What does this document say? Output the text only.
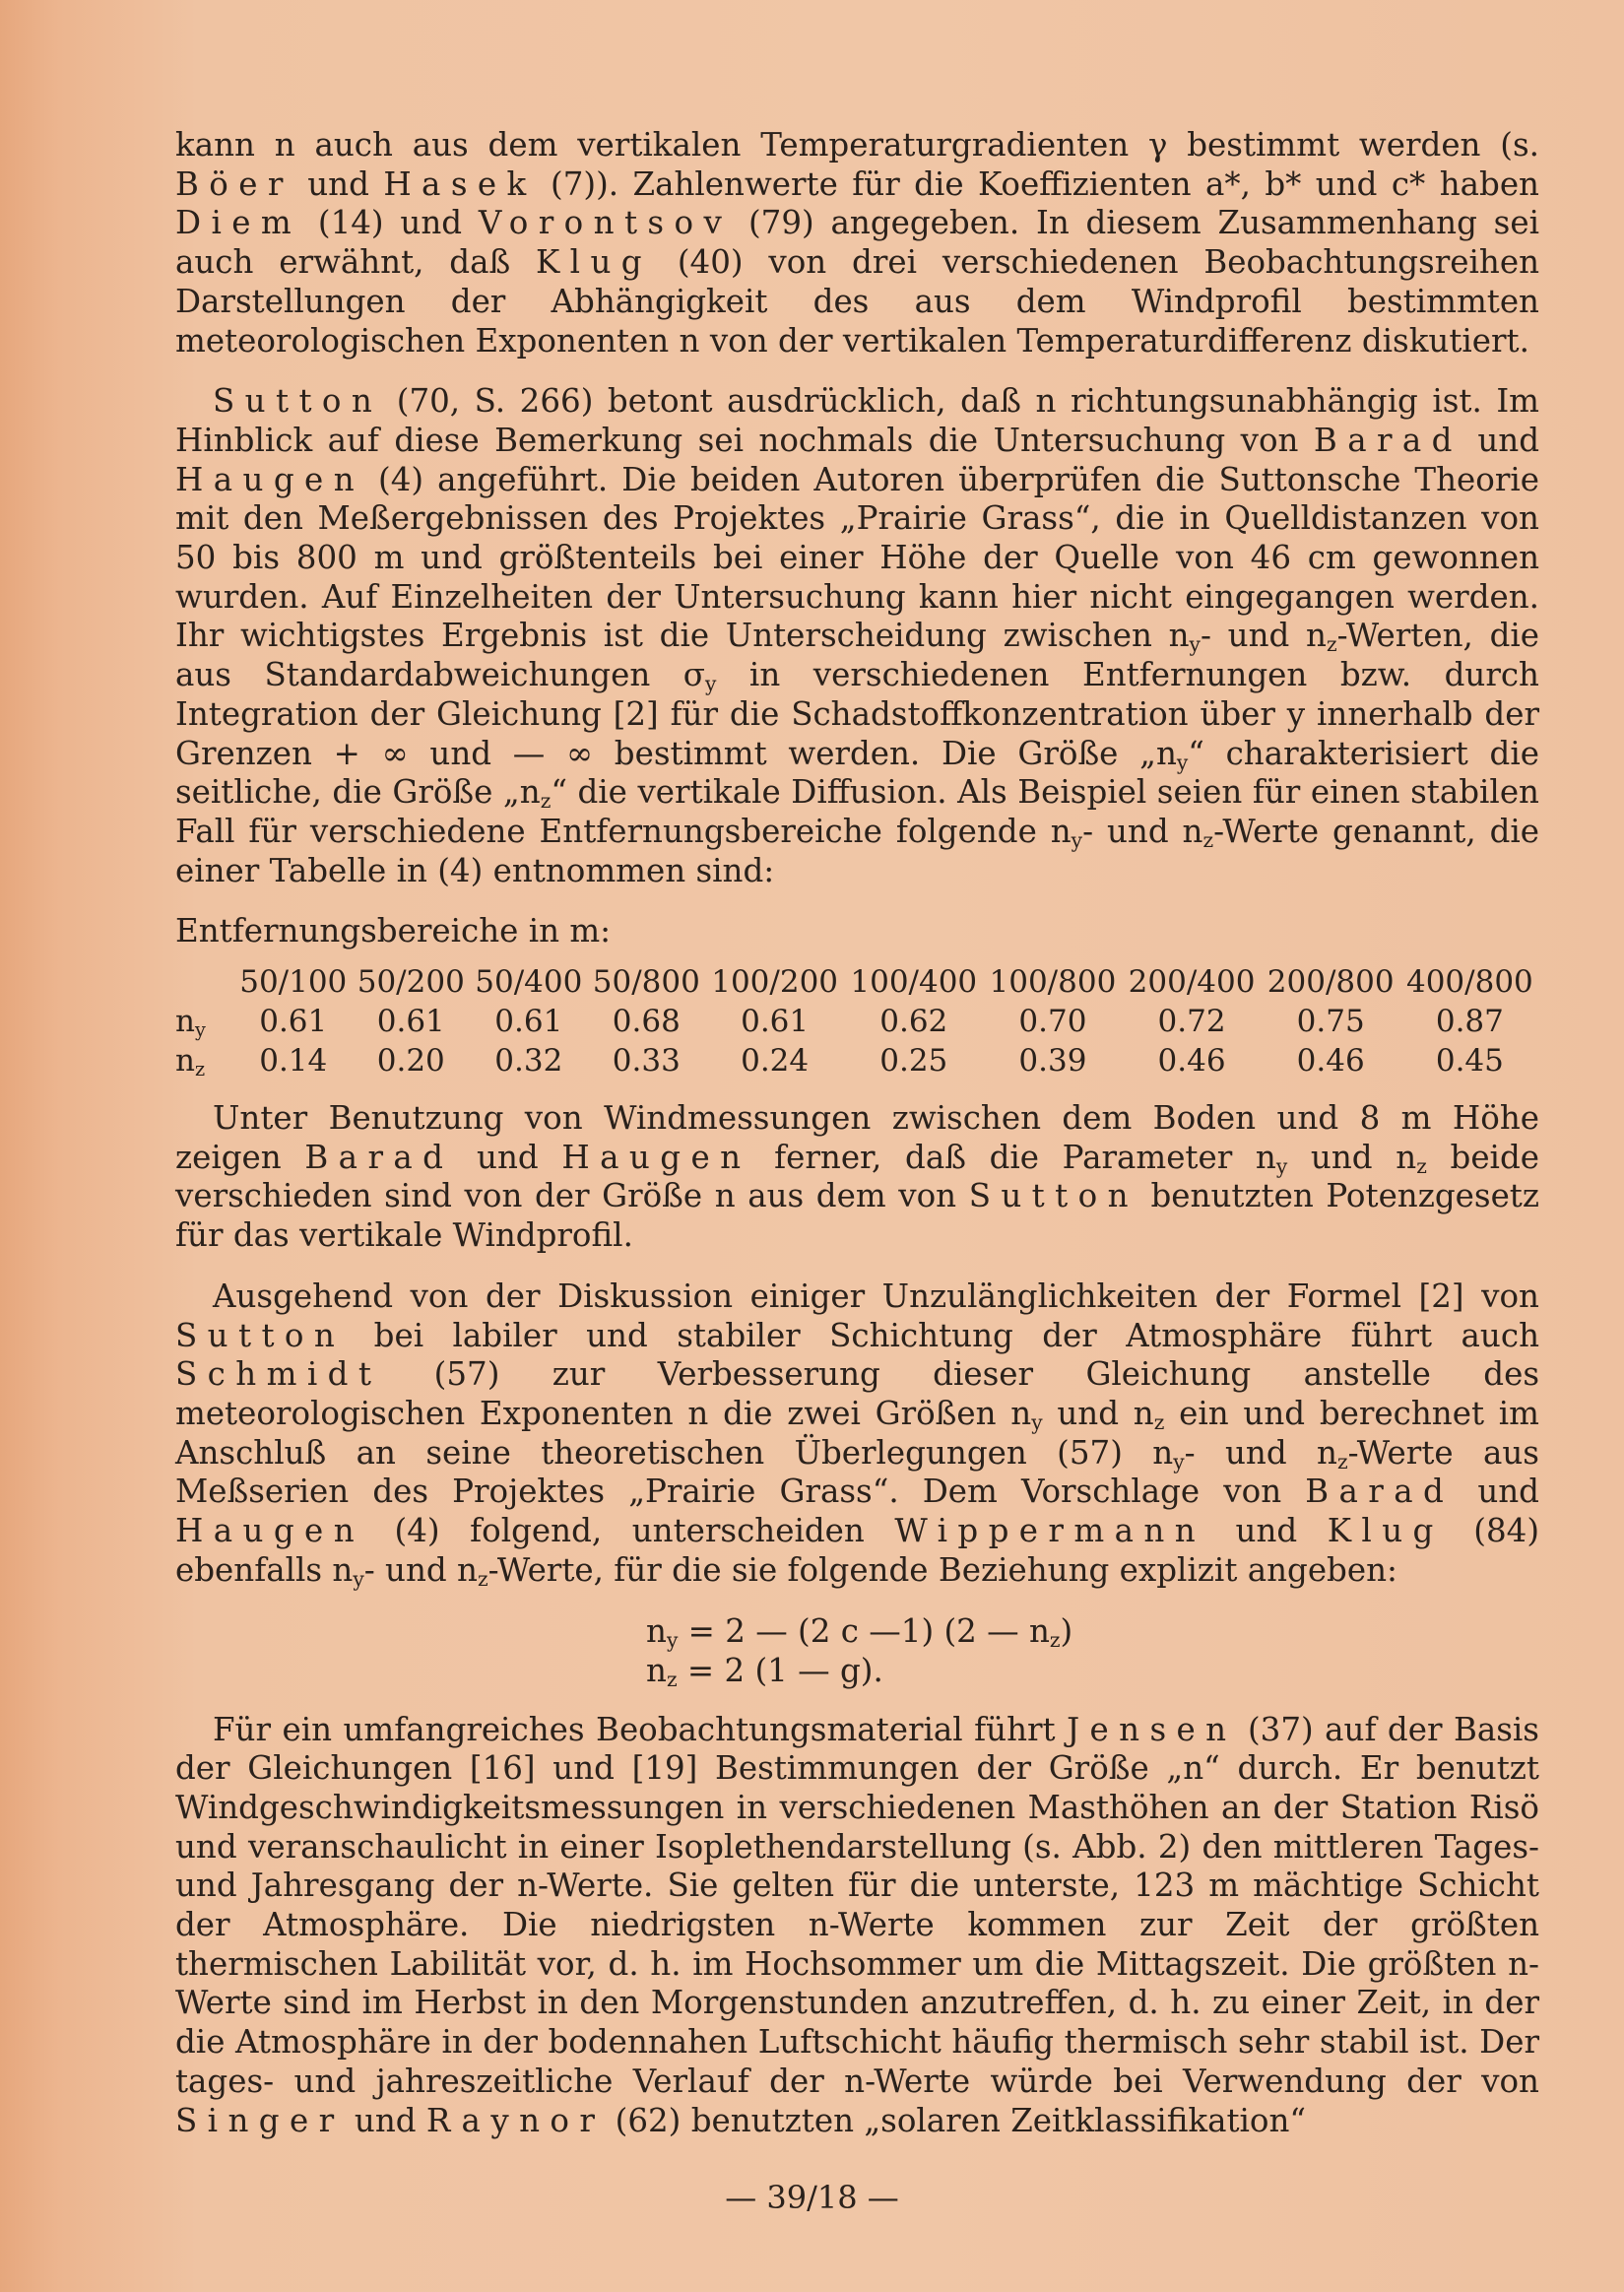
kann n auch aus dem vertikalen Temperaturgradienten γ bestimmt werden (s. Böer und Hasek (7)). Zahlenwerte für die Koeffizienten a*, b* und c* haben Diem (14) und Vorontsov (79) angegeben. In diesem Zusammenhang sei auch erwähnt, daß Klug (40) von drei verschiedenen Beobachtungsreihen Darstellungen der Abhängigkeit des aus dem Windprofil bestimmten meteorologischen Exponenten n von der vertikalen Temperaturdifferenz diskutiert.

Sutton (70, S. 266) betont ausdrücklich, daß n richtungsunabhängig ist. Im Hinblick auf diese Bemerkung sei nochmals die Untersuchung von Barad und Haugen (4) angeführt. Die beiden Autoren überprüfen die Suttonsche Theorie mit den Meßergebnissen des Projektes „Prairie Grass“, die in Quelldistanzen von 50 bis 800 m und größtenteils bei einer Höhe der Quelle von 46 cm gewonnen wurden. Auf Einzelheiten der Untersuchung kann hier nicht eingegangen werden. Ihr wichtigstes Ergebnis ist die Unterscheidung zwischen $n_y-$ und $n_z$-Werten, die aus Standardabweichungen $\sigma_y$ in verschiedenen Entfernungen bzw. durch Integration der Gleichung [2] für die Schadstoffkonzentration über y innerhalb der Grenzen + ∞ und — ∞ bestimmt werden. Die Größe $„n_y“$ charakterisiert die seitliche, die Größe $„n_z“$ die vertikale Diffusion. Als Beispiel seien für einen stabilen Fall für verschiedene Entfernungsbereiche folgende $n_y-$ und $n_z$-Werte genannt, die einer Tabelle in (4) entnommen sind:

Entfernungsbereiche in m:

	50/100	50/200	50/400	50/800	100/200	100/400	100/800	200/400	200/800	400/800
$n_y$	0.61	0.61	0.61	0.68	0.61	0.62	0.70	0.72	0.75	0.87
$n_z$	0.14	0.20	0.32	0.33	0.24	0.25	0.39	0.46	0.46	0.45

Unter Benutzung von Windmessungen zwischen dem Boden und 8 m Höhe zeigen Barad und Haugen ferner, daß die Parameter $n_y$ und $n_z$ beide verschieden sind von der Größe n aus dem von Sutton benutzten Potenzgesetz für das vertikale Windprofil.

Ausgehend von der Diskussion einiger Unzulänglichkeiten der Formel [2] von Sutton bei labiler und stabiler Schichtung der Atmosphäre führt auch Schmidt (57) zur Verbesserung dieser Gleichung anstelle des meteorologischen Exponenten n die zwei Größen $n_y$ und $n_z$ ein und berechnet im Anschluß an seine theoretischen Überlegungen (57) $n_y-$ und $n_z$-Werte aus Meßserien des Projektes „Prairie Grass“. Dem Vorschlage von Barad und Haugen (4) folgend, unterscheiden Wippermann und Klug (84) ebenfalls $n_y-$ und $n_z$-Werte, für die sie folgende Beziehung explizit angeben:

$n_y = 2$ — (2 c —1) (2 — $n_z$)
$n_z = 2$ (1 — g).

Für ein umfangreiches Beobachtungsmaterial führt Jensen (37) auf der Basis der Gleichungen [16] und [19] Bestimmungen der Größe „n“ durch. Er benutzt Windgeschwindigkeitsmessungen in verschiedenen Masthöhen an der Station Risö und veranschaulicht in einer Isoplethendarstellung (s. Abb. 2) den mittleren Tages- und Jahresgang der n-Werte. Sie gelten für die unterste, 123 m mächtige Schicht der Atmosphäre. Die niedrigsten n-Werte kommen zur Zeit der größten thermischen Labilität vor, d. h. im Hochsommer um die Mittagszeit. Die größten n-Werte sind im Herbst in den Morgenstunden anzutreffen, d. h. zu einer Zeit, in der die Atmosphäre in der bodennahen Luftschicht häufig thermisch sehr stabil ist. Der tages- und jahreszeitliche Verlauf der n-Werte würde bei Verwendung der von Singer und Raynor (62) benutzten „solaren Zeitklassifikation“

— 39/18 —
